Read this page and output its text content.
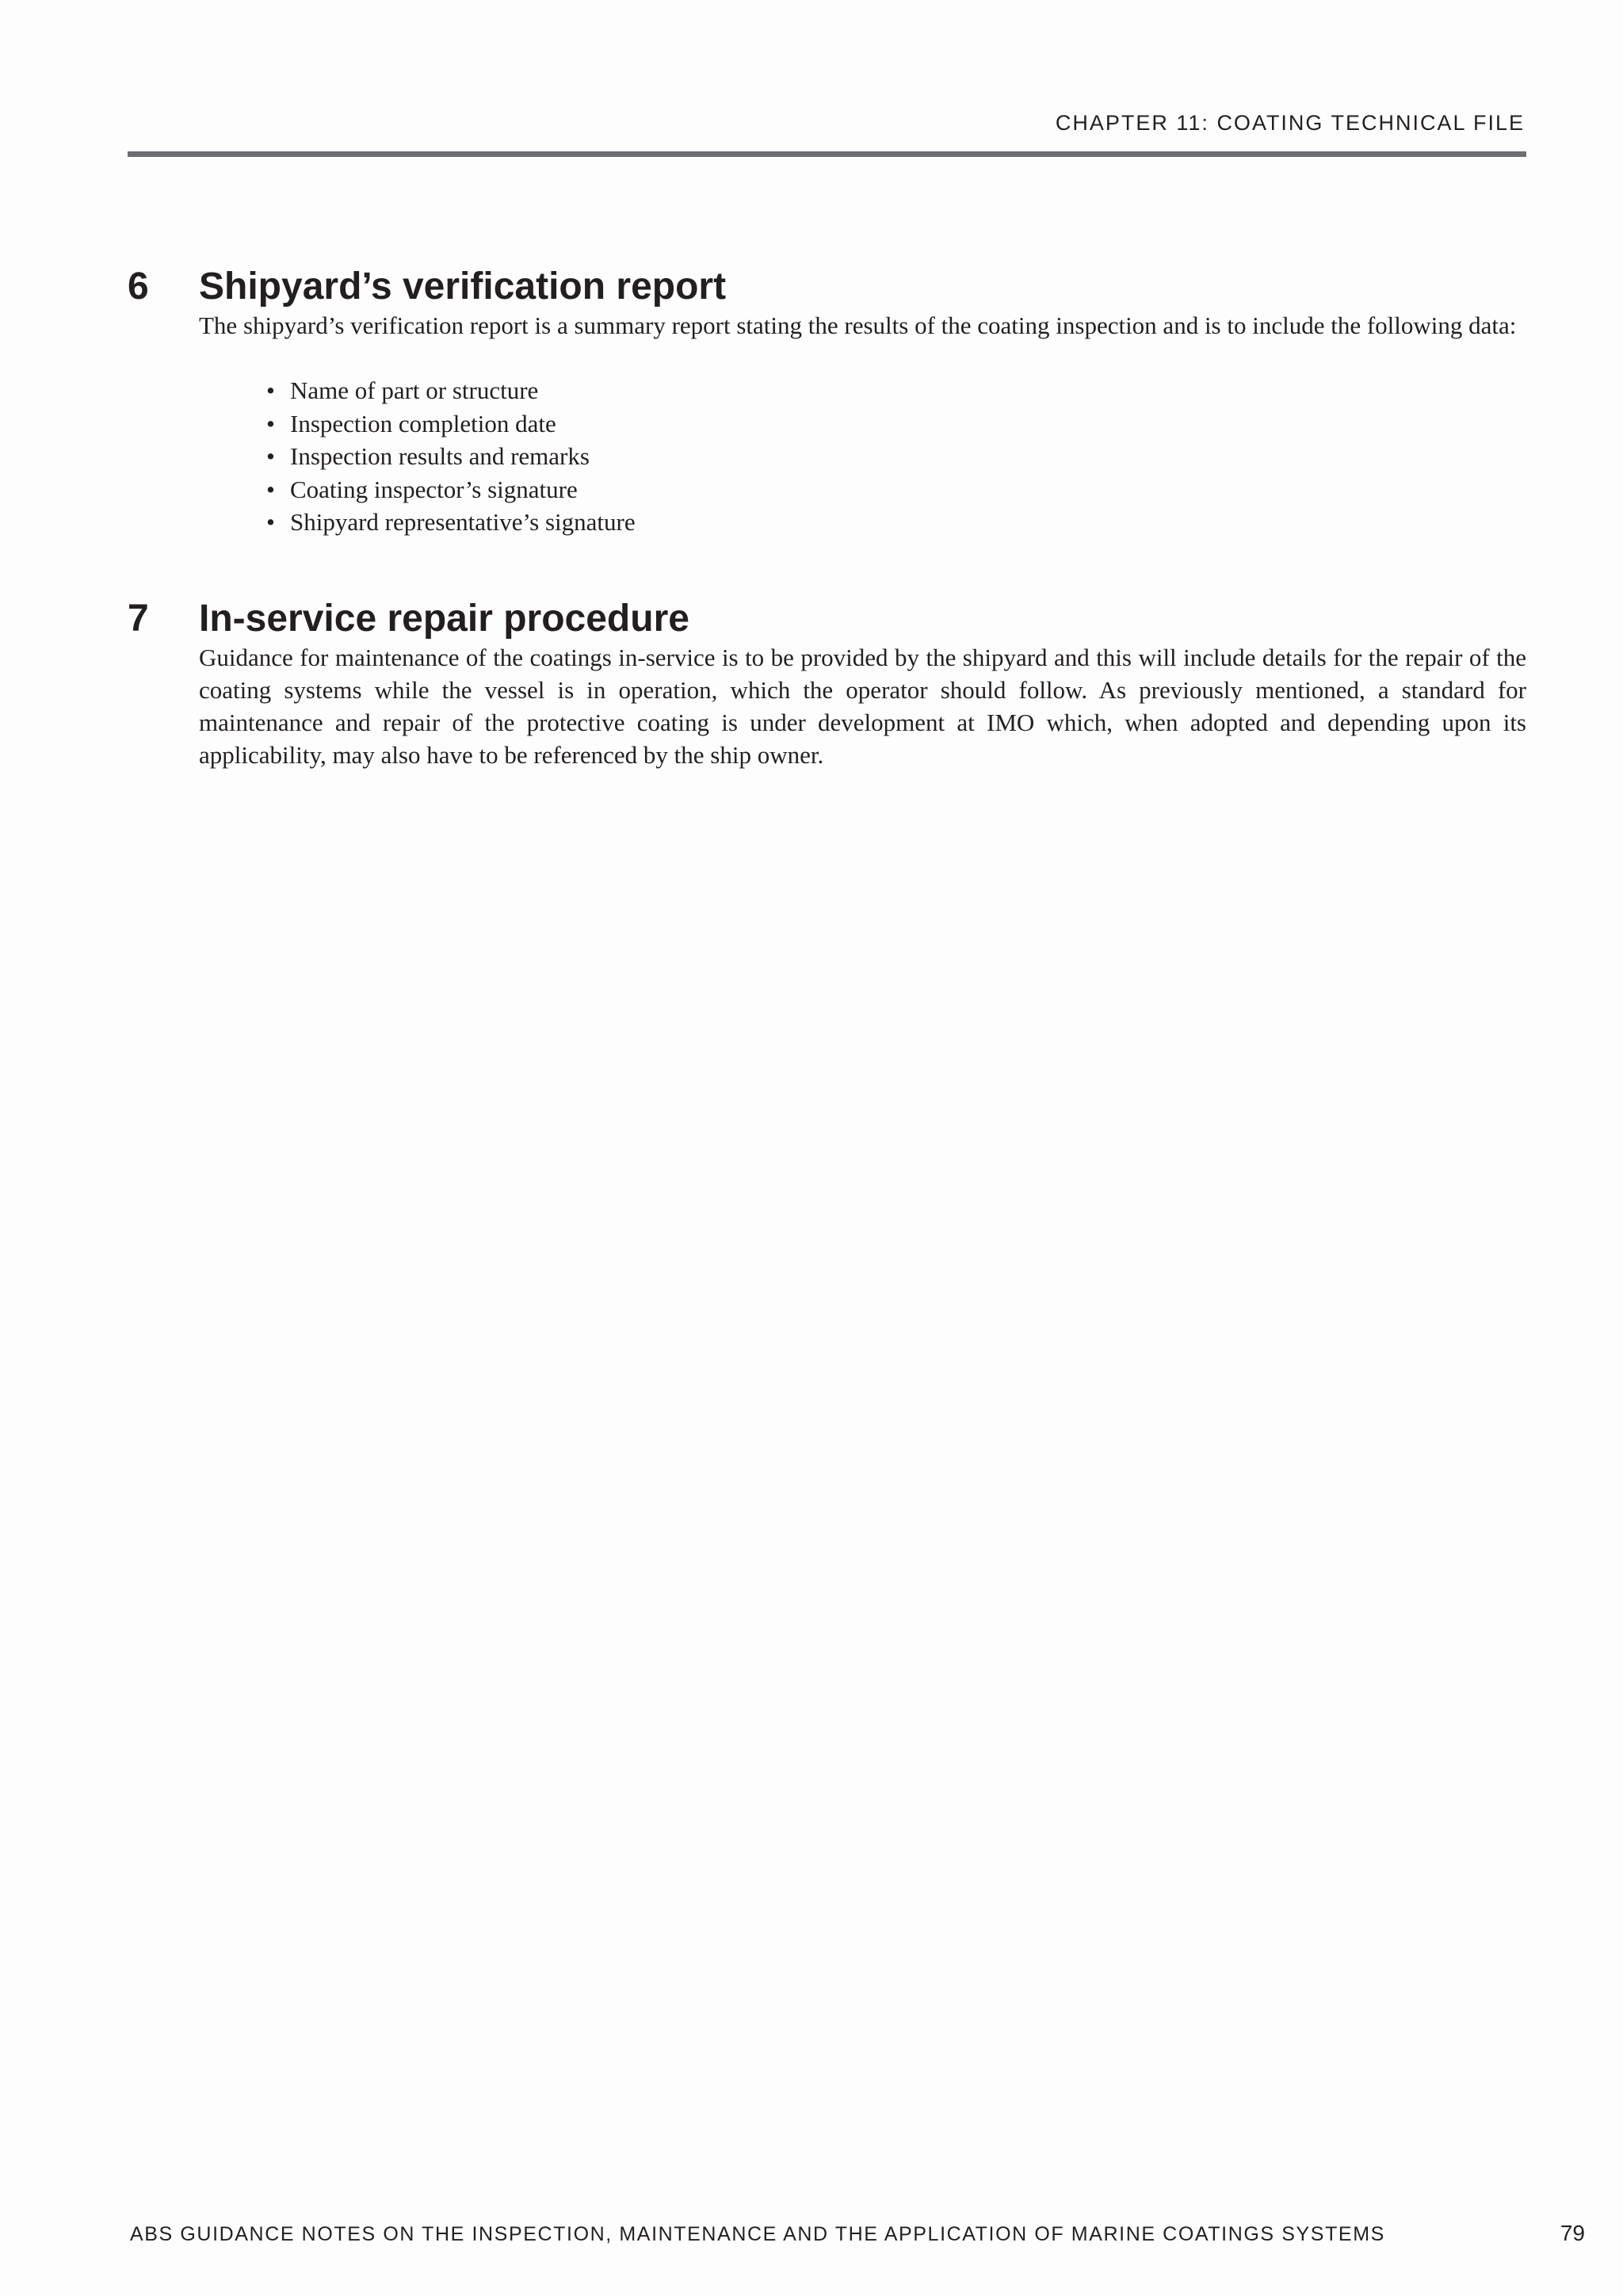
CHAPTER 11: COATING TECHNICAL FILE
6	Shipyard’s verification report

The shipyard’s verification report is a summary report stating the results of the coating inspection and is to include the following data:

• Name of part or structure
• Inspection completion date
• Inspection results and remarks
• Coating inspector’s signature
• Shipyard representative’s signature
7	In-service repair procedure

Guidance for maintenance of the coatings in-service is to be provided by the shipyard and this will include details for the repair of the coating systems while the vessel is in operation, which the operator should follow. As previously mentioned, a standard for maintenance and repair of the protective coating is under development at IMO which, when adopted and depending upon its applicability, may also have to be referenced by the ship owner.

ABS GUIDANCE NOTES ON THE INSPECTION, MAINTENANCE AND THE APPLICATION OF MARINE COATINGS SYSTEMS	79
